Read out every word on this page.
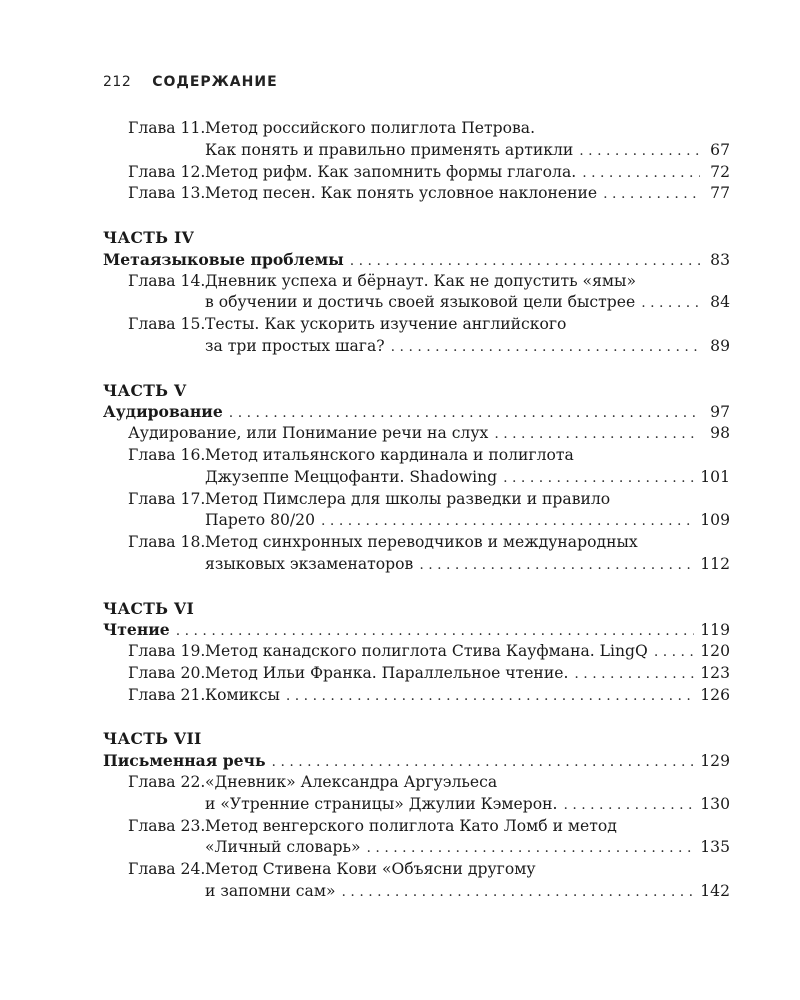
212 СОДЕРЖАНИЕ
Глава 11. Метод российского полиглота Петрова.
Как понять и правильно применять артикли . . .	67
Глава 12. Метод рифм. Как запомнить формы глагола. . . .	72
Глава 13. Метод песен. Как понять условное наклонение . . .	77
ЧАСТЬ IV
Метаязыковые проблемы . . .	83
Глава 14. Дневник успеха и бёрнаут. Как не допустить «ямы»
в обучении и достичь своей языковой цели быстрее . . .	84
Глава 15. Тесты. Как ускорить изучение английского
за три простых шага? . . .	89
ЧАСТЬ V
Аудирование . . .	97
Аудирование, или Понимание речи на слух . . .	98
Глава 16. Метод итальянского кардинала и полиглота
Джузеппе Меццофанти. Shadowing . . .	101
Глава 17. Метод Пимслера для школы разведки и правило
Парето 80/20 . . .	109
Глава 18. Метод синхронных переводчиков и международных
языковых экзаменаторов . . .	112
ЧАСТЬ VI
Чтение . . .	119
Глава 19. Метод канадского полиглота Стива Кауфмана. LingQ . . .	120
Глава 20. Метод Ильи Франка. Параллельное чтение. . . .	123
Глава 21. Комиксы . . .	126
ЧАСТЬ VII
Письменная речь . . .	129
Глава 22. «Дневник» Александра Аргуэльеса
и «Утренние страницы» Джулии Кэмерон. . . .	130
Глава 23. Метод венгерского полиглота Като Ломб и метод
«Личный словарь» . . .	135
Глава 24. Метод Стивена Кови «Объясни другому
и запомни сам» . . .	142
